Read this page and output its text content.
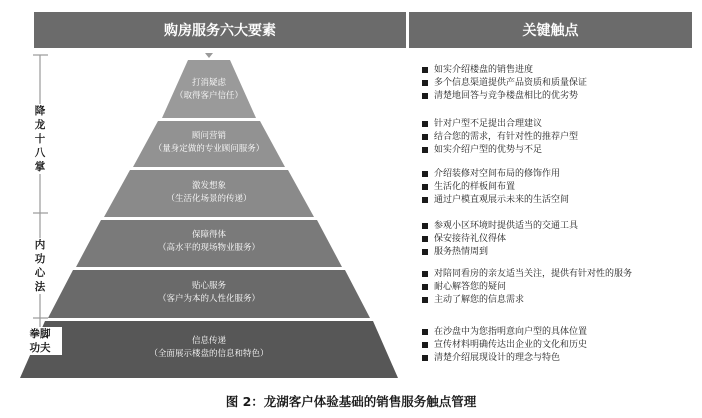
购房服务六大要素	关键触点
打消疑虑
（取得客户信任）
顾问营销
（量身定做的专业顾问服务）
激发想象
（生活化场景的传递）
保障得体
（高水平的现场物业服务）
贴心服务
（客户为本的人性化服务）
信息传递
（全面展示楼盘的信息和特色）
降
龙
十
八
掌
内
功
心
法
拳脚
功夫
如实介绍楼盘的销售进度
多个信息渠道提供产品资质和质量保证
清楚地回答与竞争楼盘相比的优劣势
针对户型不足提出合理建议
结合您的需求，有针对性的推荐户型
如实介绍户型的优势与不足
介绍装修对空间布局的修饰作用
生活化的样板间布置
通过户模直观展示未来的生活空间
参观小区环境时提供适当的交通工具
保安接待礼仪得体
服务热情周到
对陪同看房的亲友适当关注，提供有针对性的服务
耐心解答您的疑问
主动了解您的信息需求
在沙盘中为您指明意向户型的具体位置
宣传材料明确传达出企业的文化和历史
清楚介绍展现设计的理念与特色
图 2：龙湖客户体验基础的销售服务触点管理
